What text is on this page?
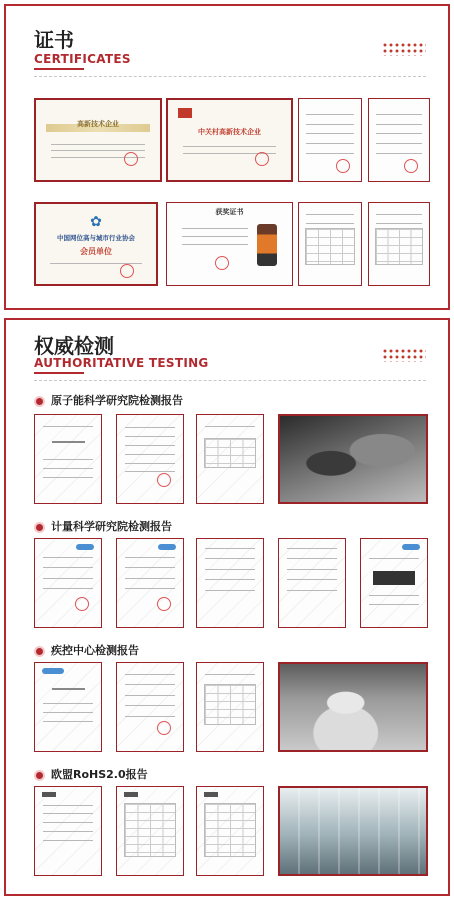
证书
CERTIFICATES
高新技术企业
中关村高新技术企业
✿
中国网位高与城市行业协会
会员单位
获奖证书
权威检测
AUTHORITATIVE TESTING
原子能科学研究院检测报告
计量科学研究院检测报告
疾控中心检测报告
欧盟RoHS2.0报告
